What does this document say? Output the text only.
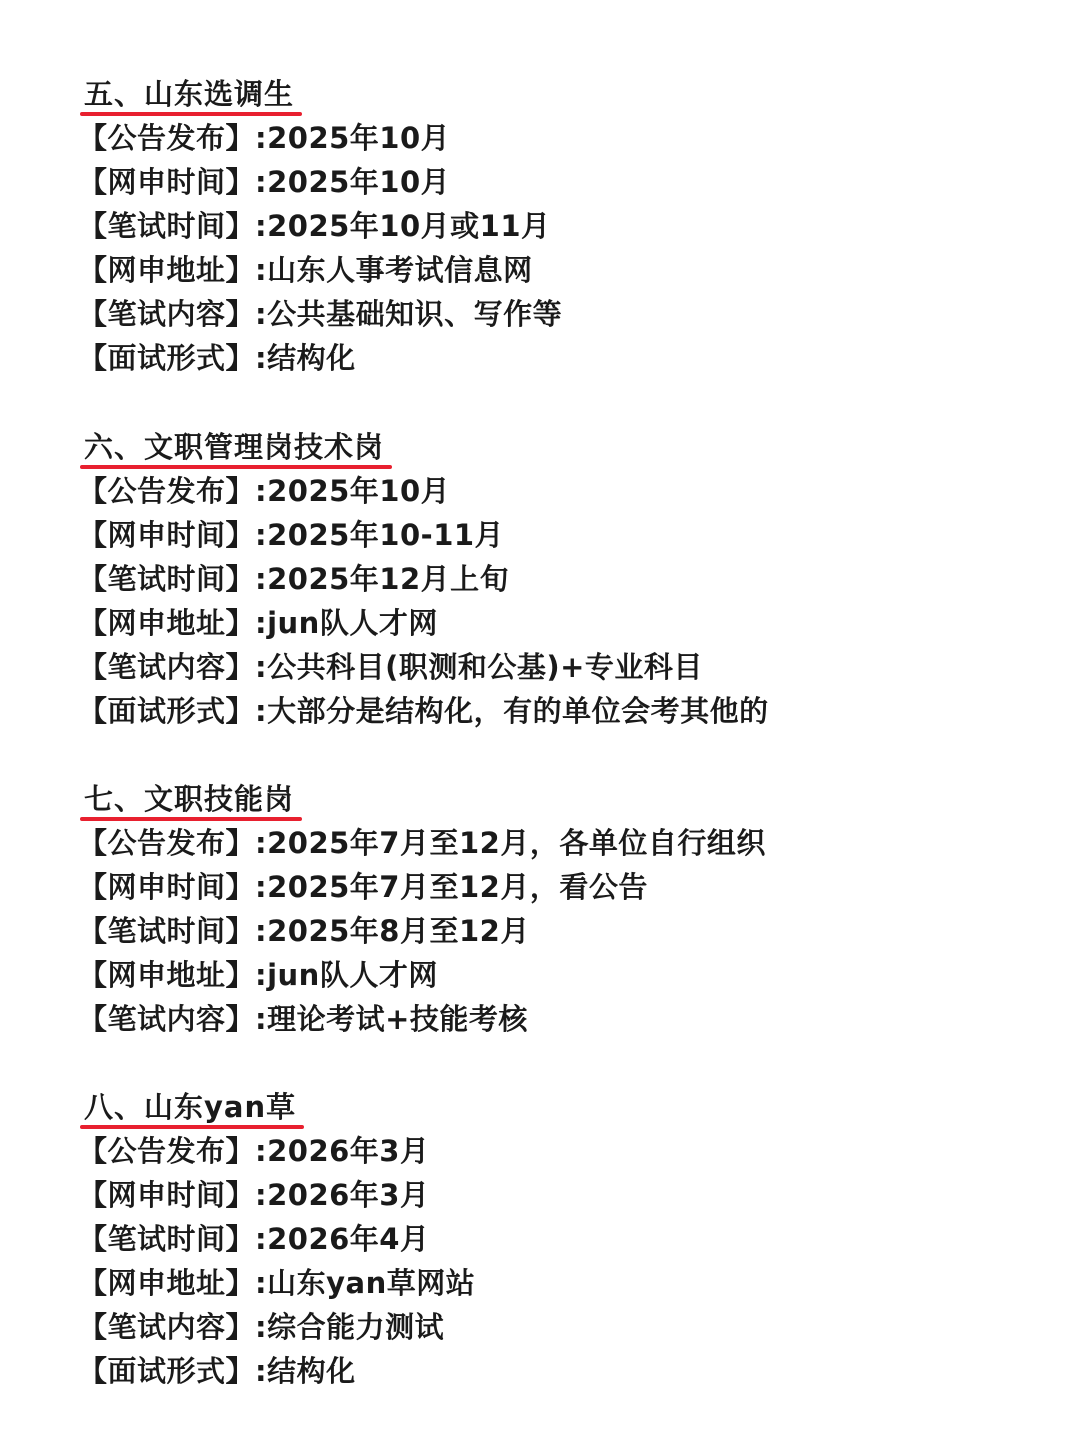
五、山东选调生
【公告发布】:2025年10月
【网申时间】:2025年10月
【笔试时间】:2025年10月或11月
【网申地址】:山东人事考试信息网
【笔试内容】:公共基础知识、写作等
【面试形式】:结构化
六、文职管理岗技术岗
【公告发布】:2025年10月
【网申时间】:2025年10-11月
【笔试时间】:2025年12月上旬
【网申地址】:jun队人才网
【笔试内容】:公共科目(职测和公基)+专业科目
【面试形式】:大部分是结构化，有的单位会考其他的
七、文职技能岗
【公告发布】:2025年7月至12月，各单位自行组织
【网申时间】:2025年7月至12月，看公告
【笔试时间】:2025年8月至12月
【网申地址】:jun队人才网
【笔试内容】:理论考试+技能考核
八、山东yan草
【公告发布】:2026年3月
【网申时间】:2026年3月
【笔试时间】:2026年4月
【网申地址】:山东yan草网站
【笔试内容】:综合能力测试
【面试形式】:结构化
